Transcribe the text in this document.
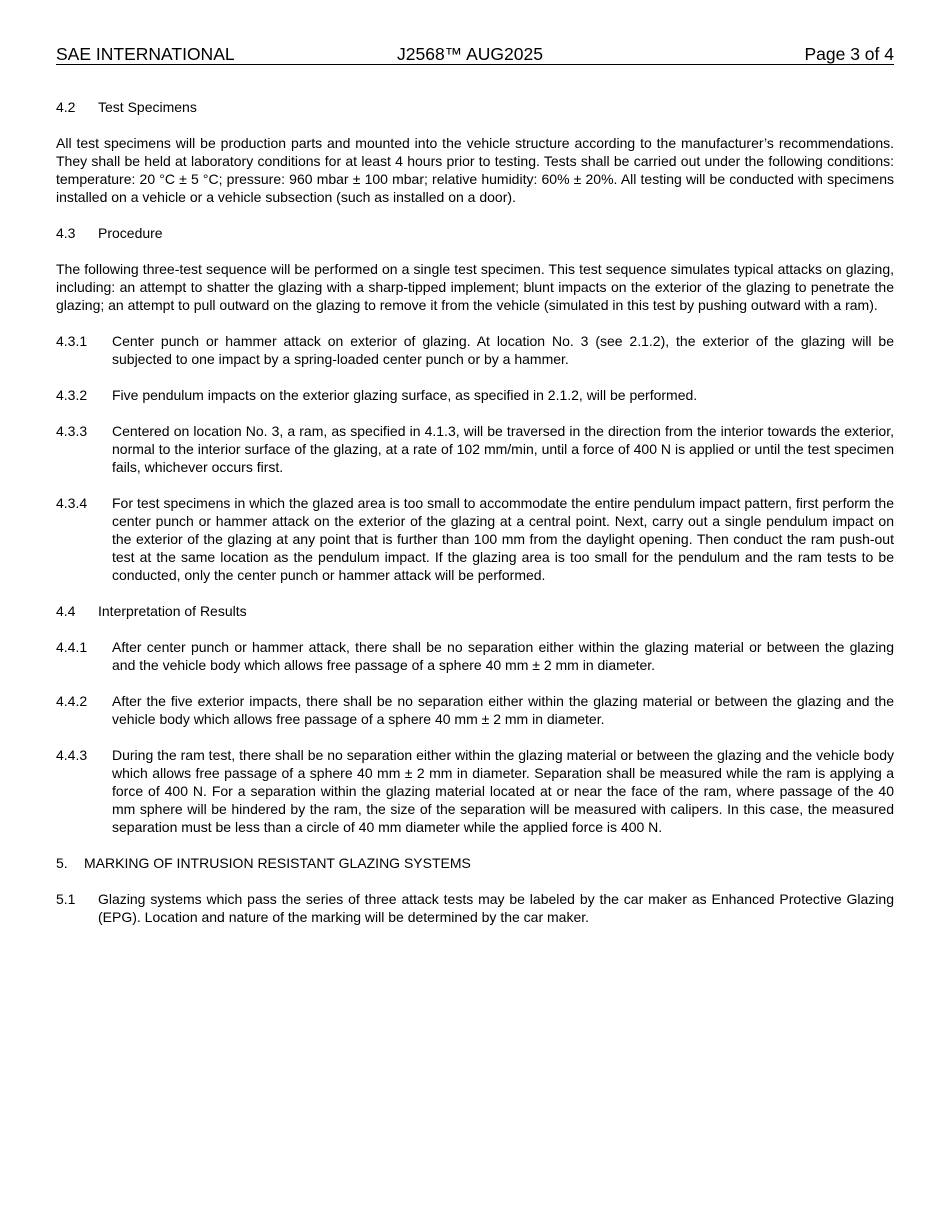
SAE INTERNATIONAL	J2568™ AUG2025	Page 3 of 4
4.2 Test Specimens

All test specimens will be production parts and mounted into the vehicle structure according to the manufacturer’s recommendations. They shall be held at laboratory conditions for at least 4 hours prior to testing. Tests shall be carried out under the following conditions: temperature: 20 °C ± 5 °C; pressure: 960 mbar ± 100 mbar; relative humidity: 60% ± 20%. All testing will be conducted with specimens installed on a vehicle or a vehicle subsection (such as installed on a door).

4.3 Procedure

The following three-test sequence will be performed on a single test specimen. This test sequence simulates typical attacks on glazing, including: an attempt to shatter the glazing with a sharp-tipped implement; blunt impacts on the exterior of the glazing to penetrate the glazing; an attempt to pull outward on the glazing to remove it from the vehicle (simulated in this test by pushing outward with a ram).

4.3.1 Center punch or hammer attack on exterior of glazing. At location No. 3 (see 2.1.2), the exterior of the glazing will be subjected to one impact by a spring-loaded center punch or by a hammer.

4.3.2 Five pendulum impacts on the exterior glazing surface, as specified in 2.1.2, will be performed.

4.3.3 Centered on location No. 3, a ram, as specified in 4.1.3, will be traversed in the direction from the interior towards the exterior, normal to the interior surface of the glazing, at a rate of 102 mm/min, until a force of 400 N is applied or until the test specimen fails, whichever occurs first.

4.3.4 For test specimens in which the glazed area is too small to accommodate the entire pendulum impact pattern, first perform the center punch or hammer attack on the exterior of the glazing at a central point. Next, carry out a single pendulum impact on the exterior of the glazing at any point that is further than 100 mm from the daylight opening. Then conduct the ram push-out test at the same location as the pendulum impact. If the glazing area is too small for the pendulum and the ram tests to be conducted, only the center punch or hammer attack will be performed.

4.4 Interpretation of Results
4.4.1 After center punch or hammer attack, there shall be no separation either within the glazing material or between the glazing and the vehicle body which allows free passage of a sphere 40 mm ± 2 mm in diameter.

4.4.2 After the five exterior impacts, there shall be no separation either within the glazing material or between the glazing and the vehicle body which allows free passage of a sphere 40 mm ± 2 mm in diameter.

4.4.3 During the ram test, there shall be no separation either within the glazing material or between the glazing and the vehicle body which allows free passage of a sphere 40 mm ± 2 mm in diameter. Separation shall be measured while the ram is applying a force of 400 N. For a separation within the glazing material located at or near the face of the ram, where passage of the 40 mm sphere will be hindered by the ram, the size of the separation will be measured with calipers. In this case, the measured separation must be less than a circle of 40 mm diameter while the applied force is 400 N.

5. MARKING OF INTRUSION RESISTANT GLAZING SYSTEMS
5.1 Glazing systems which pass the series of three attack tests may be labeled by the car maker as Enhanced Protective Glazing (EPG). Location and nature of the marking will be determined by the car maker.
